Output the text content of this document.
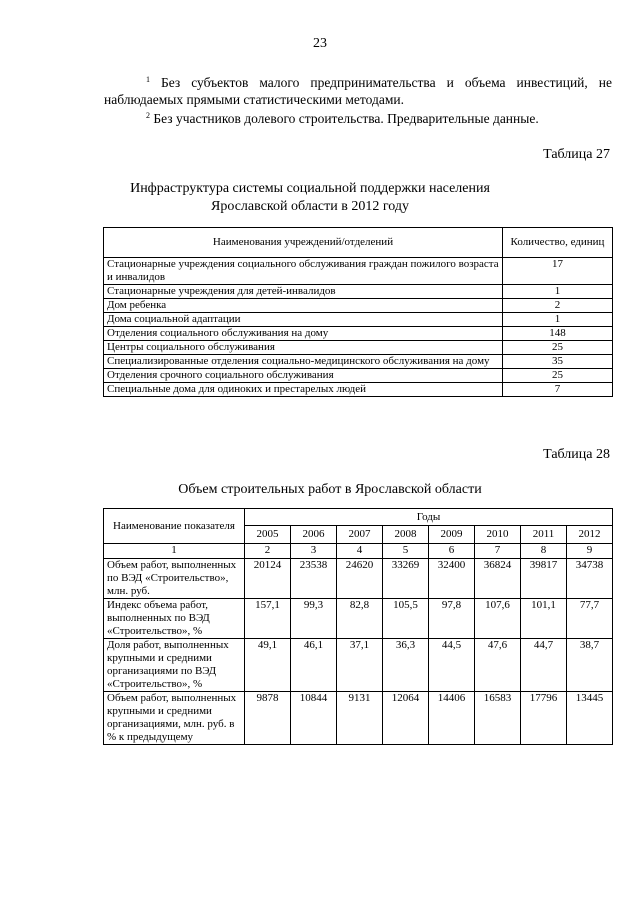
23
$^1$ Без субъектов малого предпринимательства и объема инвестиций, не наблюдаемых прямыми статистическими методами.
$^2$ Без участников долевого строительства. Предварительные данные.
Таблица 27
Инфраструктура системы социальной поддержки населения Ярославской области в 2012 году
Наименования учреждений/отделений	Количество, единиц
Стационарные учреждения социального обслуживания граждан пожилого возраста и инвалидов	17
Стационарные учреждения для детей-инвалидов	1
Дом ребенка	2
Дома социальной адаптации	1
Отделения социального обслуживания на дому	148
Центры социального обслуживания	25
Специализированные отделения социально-медицинского обслуживания на дому	35
Отделения срочного социального обслуживания	25
Специальные дома для одиноких и престарелых людей	7
Таблица 28
Объем строительных работ в Ярославской области
Наименование показателя	Годы							
	2005	2006	2007	2008	2009	2010	2011	2012
1	2	3	4	5	6	7	8	9
Объем работ, выполненных по ВЭД «Строительство», млн. руб.	20124	23538	24620	33269	32400	36824	39817	34738
Индекс объема работ, выполненных по ВЭД «Строительство», %	157,1	99,3	82,8	105,5	97,8	107,6	101,1	77,7
Доля работ, выполненных крупными и средними организациями по ВЭД «Строительство», %	49,1	46,1	37,1	36,3	44,5	47,6	44,7	38,7
Объем работ, выполненных крупными и средними организациями, млн. руб. в % к предыдущему	9878	10844	9131	12064	14406	16583	17796	13445
